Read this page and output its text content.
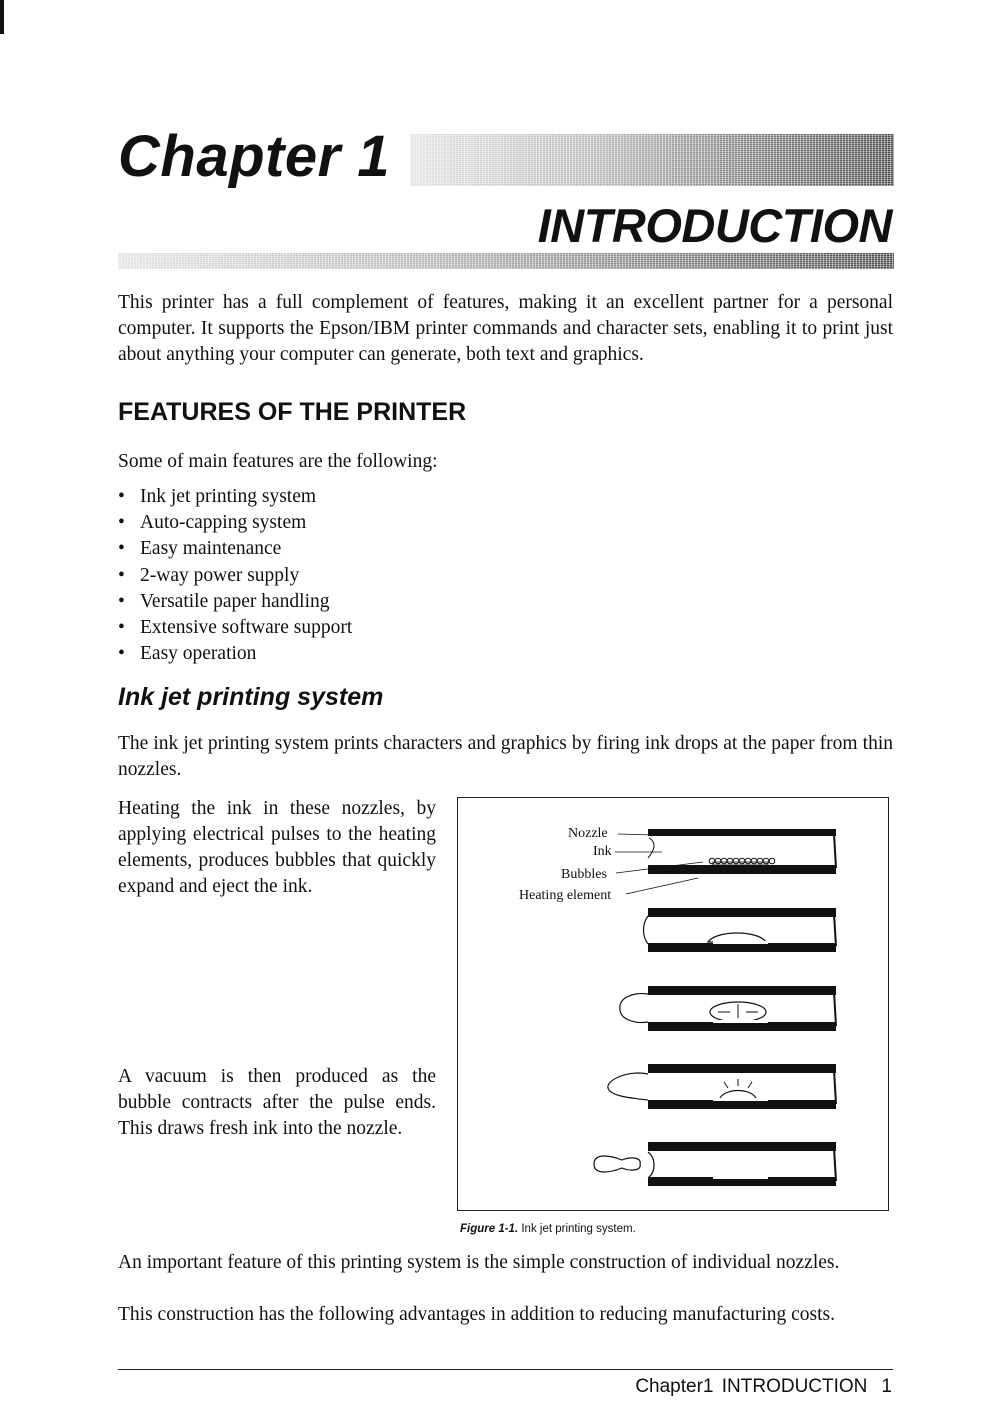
Chapter 1
INTRODUCTION

This printer has a full complement of features, making it an excellent partner for a personal computer. It supports the Epson/IBM printer commands and character sets, enabling it to print just about anything your computer can generate, both text and graphics.

FEATURES OF THE PRINTER

Some of main features are the following:

• Ink jet printing system
• Auto-capping system
• Easy maintenance
• 2-way power supply
• Versatile paper handling
• Extensive software support
• Easy operation
Ink jet printing system

The ink jet printing system prints characters and graphics by firing ink drops at the paper from thin nozzles.

Heating the ink in these nozzles, by applying electrical pulses to the heating elements, produces bubbles that quickly expand and eject the ink.

A vacuum is then produced as the bubble contracts after the pulse ends. This draws fresh ink into the nozzle.

Nozzle
Ink
Bubbles
Heating element
Figure 1-1. Ink jet printing system.

An important feature of this printing system is the simple construction of individual nozzles.

This construction has the following advantages in addition to reducing manufacturing costs.

Chapter1 INTRODUCTION 1
